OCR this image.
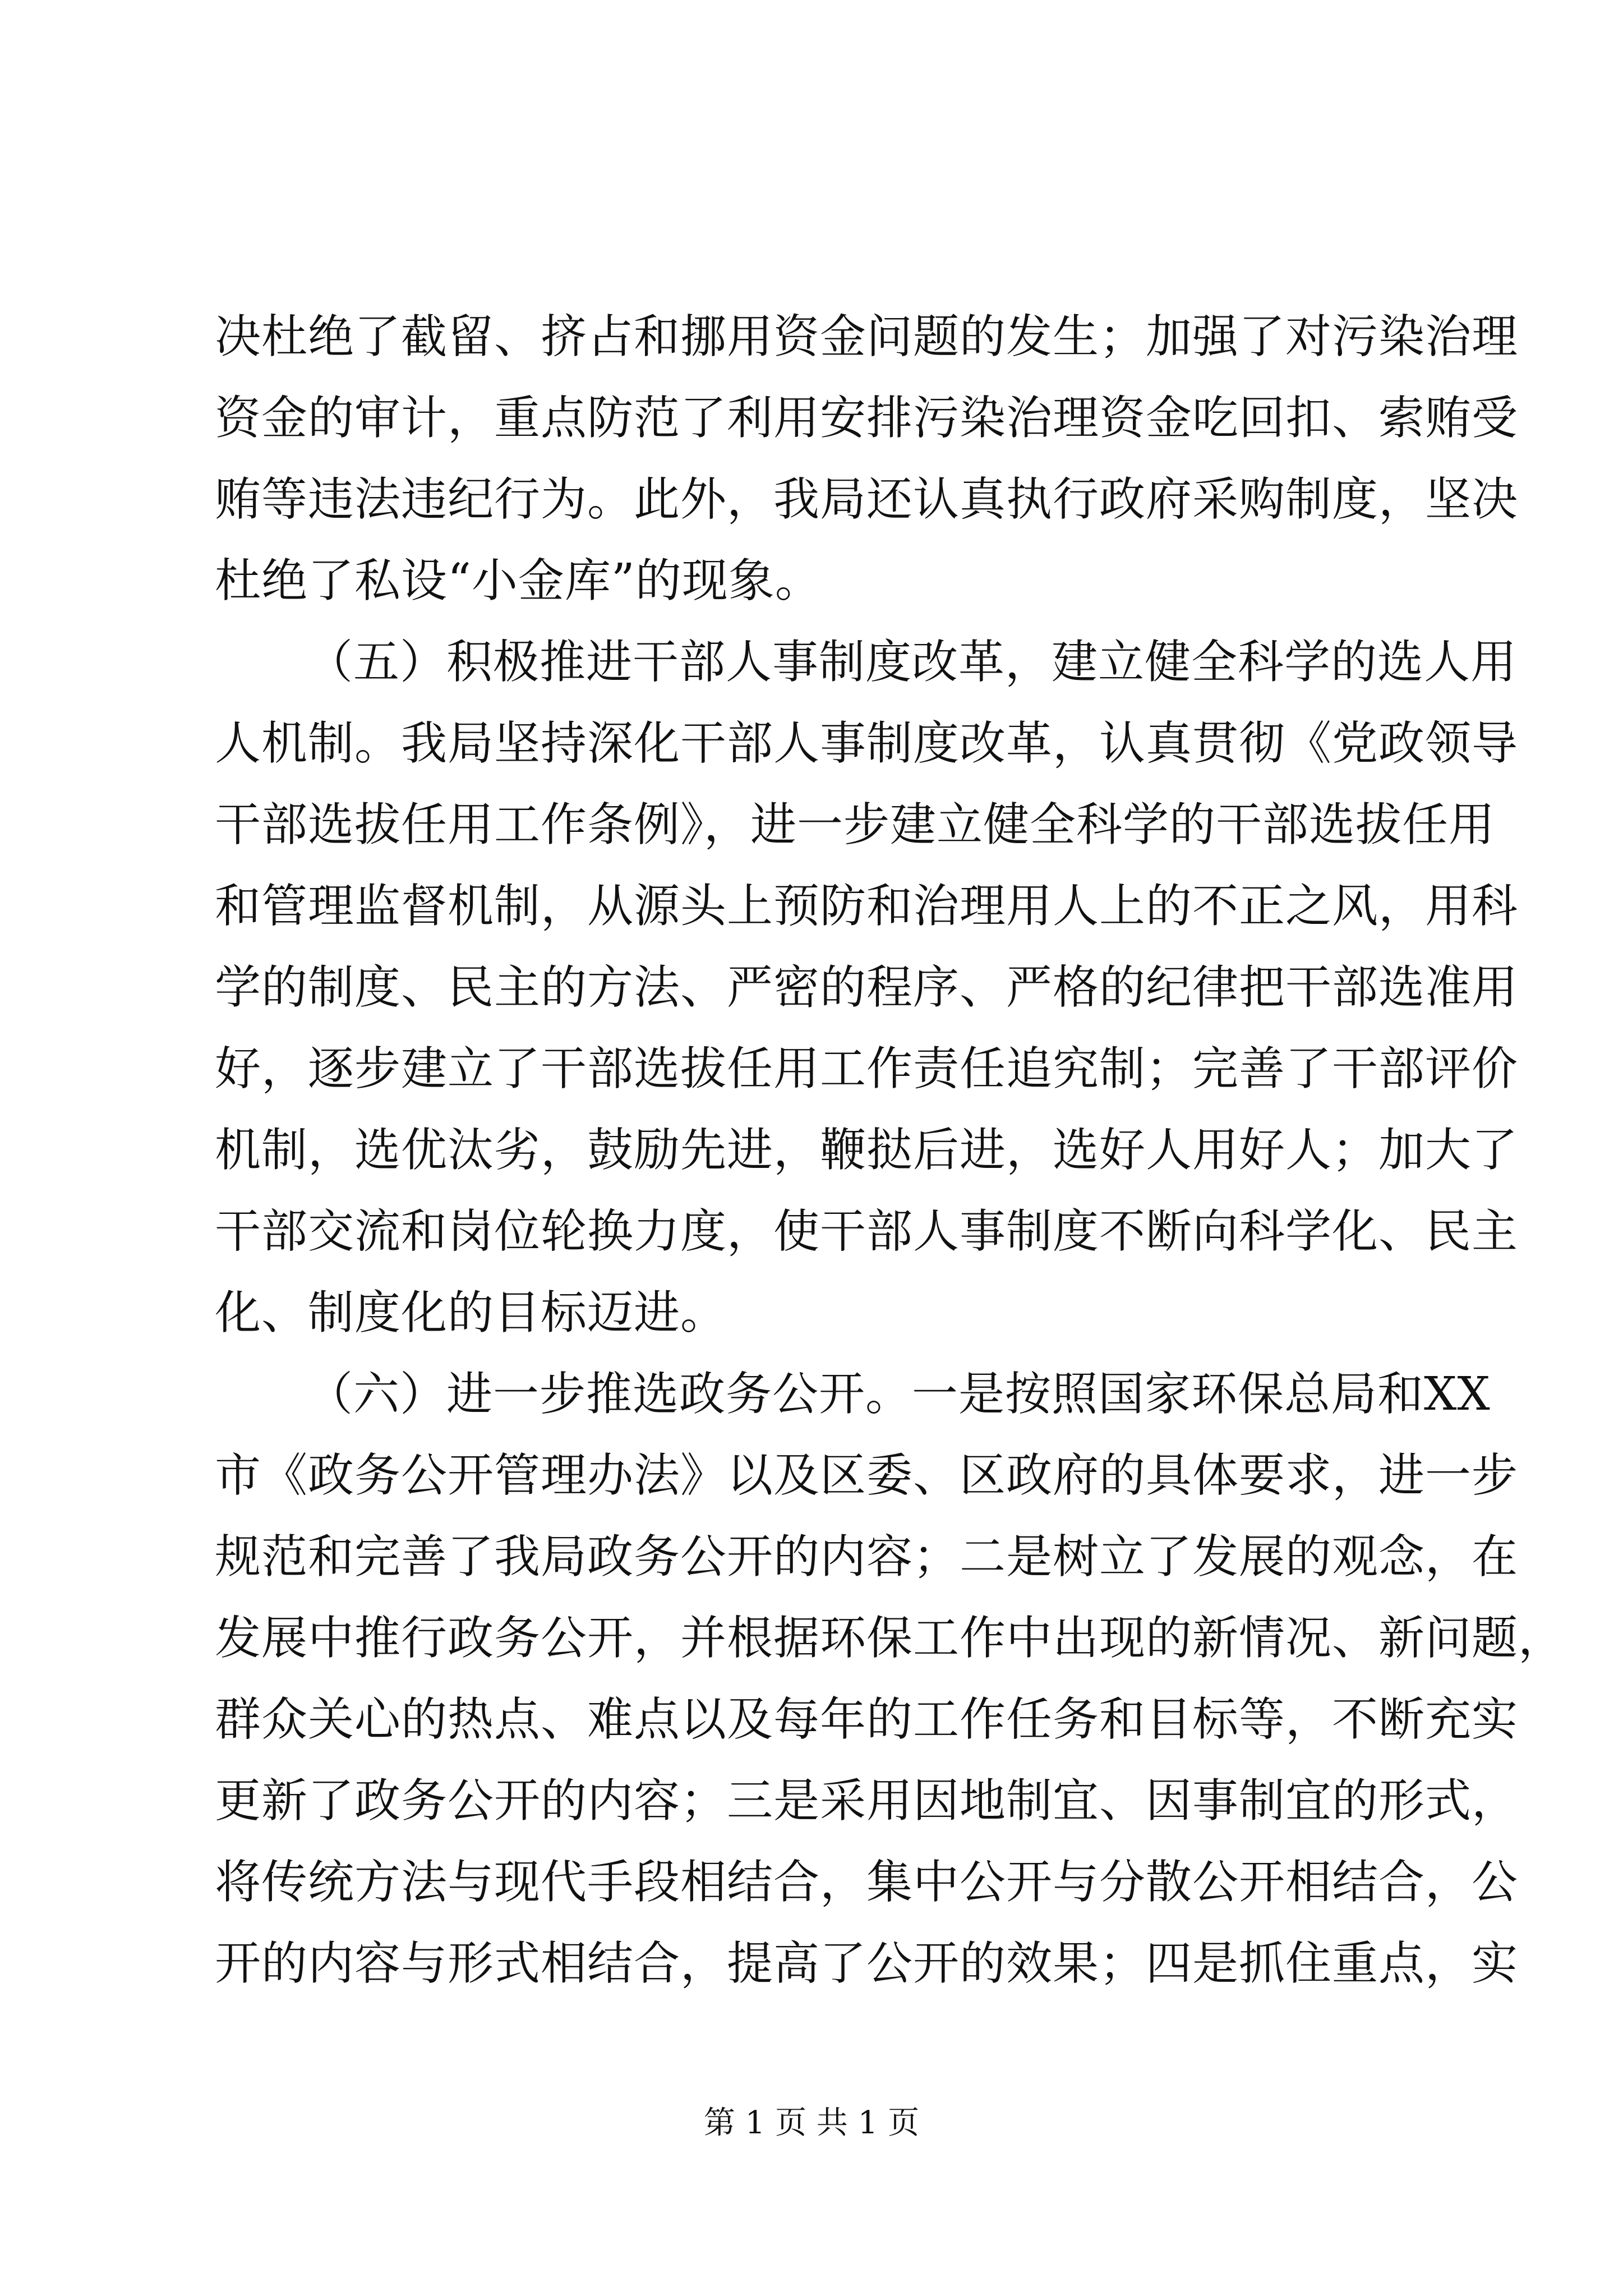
决杜绝了截留、挤占和挪用资金问题的发生；加强了对污染治理
资金的审计，重点防范了利用安排污染治理资金吃回扣、索贿受
贿等违法违纪行为。此外，我局还认真执行政府采购制度，坚决
杜绝了私设“小金库”的现象。
（五）积极推进干部人事制度改革，建立健全科学的选人用
人机制。我局坚持深化干部人事制度改革，认真贯彻《党政领导
干部选拔任用工作条例》，进一步建立健全科学的干部选拔任用
和管理监督机制，从源头上预防和治理用人上的不正之风，用科
学的制度、民主的方法、严密的程序、严格的纪律把干部选准用
好，逐步建立了干部选拔任用工作责任追究制；完善了干部评价
机制，选优汰劣，鼓励先进，鞭挞后进，选好人用好人；加大了
干部交流和岗位轮换力度，使干部人事制度不断向科学化、民主
化、制度化的目标迈进。
（六）进一步推选政务公开。一是按照国家环保总局和XX
市《政务公开管理办法》以及区委、区政府的具体要求，进一步
规范和完善了我局政务公开的内容；二是树立了发展的观念，在
发展中推行政务公开，并根据环保工作中出现的新情况、新问题，
群众关心的热点、难点以及每年的工作任务和目标等，不断充实
更新了政务公开的内容；三是采用因地制宜、因事制宜的形式，
将传统方法与现代手段相结合，集中公开与分散公开相结合，公
开的内容与形式相结合，提高了公开的效果；四是抓住重点，实
第 1 页 共 1 页
